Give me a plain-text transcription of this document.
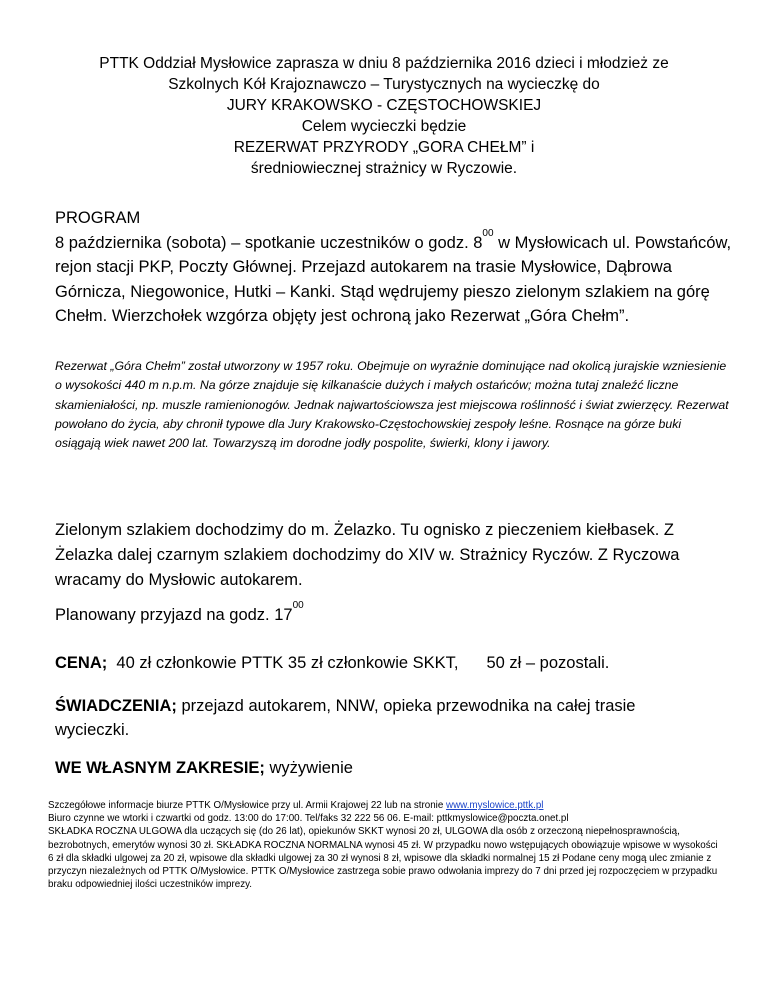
PTTK Oddział Mysłowice zaprasza w dniu 8 października 2016 dzieci i młodzież ze
Szkolnych Kół Krajoznawczo – Turystycznych na wycieczkę do
JURY KRAKOWSKO - CZĘSTOCHOWSKIEJ
Celem wycieczki będzie
REZERWAT PRZYRODY „GORA CHEŁM” i
średniowiecznej strażnicy w Ryczowie.
PROGRAM
8 października (sobota) – spotkanie uczestników o godz. $8^{00}$ w Mysłowicach ul. Powstańców, rejon stacji PKP, Poczty Głównej. Przejazd autokarem na trasie Mysłowice, Dąbrowa Górnicza, Niegowonice, Hutki – Kanki. Stąd wędrujemy pieszo zielonym szlakiem na górę Chełm. Wierzchołek wzgórza objęty jest ochroną jako Rezerwat „Góra Chełm”.
Rezerwat „Góra Chełm” został utworzony w 1957 roku. Obejmuje on wyraźnie dominujące nad okolicą jurajskie wzniesienie o wysokości 440 m n.p.m. Na górze znajduje się kilkanaście dużych i małych ostańców; można tutaj znaleźć liczne skamieniałości, np. muszle ramienionogów. Jednak najwartościowsza jest miejscowa roślinność i świat zwierzęcy. Rezerwat powołano do życia, aby chronił typowe dla Jury Krakowsko-Częstochowskiej zespoły leśne. Rosnące na górze buki osiągają wiek nawet 200 lat. Towarzyszą im dorodne jodły pospolite, świerki, klony i jawory.
Zielonym szlakiem dochodzimy do m. Żelazko. Tu ognisko z pieczeniem kiełbasek. Z Żelazka dalej czarnym szlakiem dochodzimy do XIV w. Strażnicy Ryczów. Z Ryczowa wracamy do Mysłowic autokarem.
Planowany przyjazd na godz. $17^{00}$
CENA; 40 zł członkowie PTTK 35 zł członkowie SKKT, 50 zł – pozostali.
ŚWIADCZENIA; przejazd autokarem, NNW, opieka przewodnika na całej trasie wycieczki.
WE WŁASNYM ZAKRESIE; wyżywienie
Szczegółowe informacje biurze PTTK O/Mysłowice przy ul. Armii Krajowej 22 lub na stronie www.myslowice.pttk.pl
Biuro czynne we wtorki i czwartki od godz. 13:00 do 17:00. Tel/faks 32 222 56 06. E-mail: pttkmyslowice@poczta.onet.pl
SKŁADKA ROCZNA ULGOWA dla uczących się (do 26 lat), opiekunów SKKT wynosi 20 zł, ULGOWA dla osób z orzeczoną niepełnosprawnością, bezrobotnych, emerytów wynosi 30 zł. SKŁADKA ROCZNA NORMALNA wynosi 45 zł. W przypadku nowo wstępujących obowiązuje wpisowe w wysokości 6 zł dla składki ulgowej za 20 zł, wpisowe dla składki ulgowej za 30 zł wynosi 8 zł, wpisowe dla składki normalnej 15 zł Podane ceny mogą ulec zmianie z przyczyn niezależnych od PTTK O/Mysłowice. PTTK O/Mysłowice zastrzega sobie prawo odwołania imprezy do 7 dni przed jej rozpoczęciem w przypadku braku odpowiedniej ilości uczestników imprezy.
